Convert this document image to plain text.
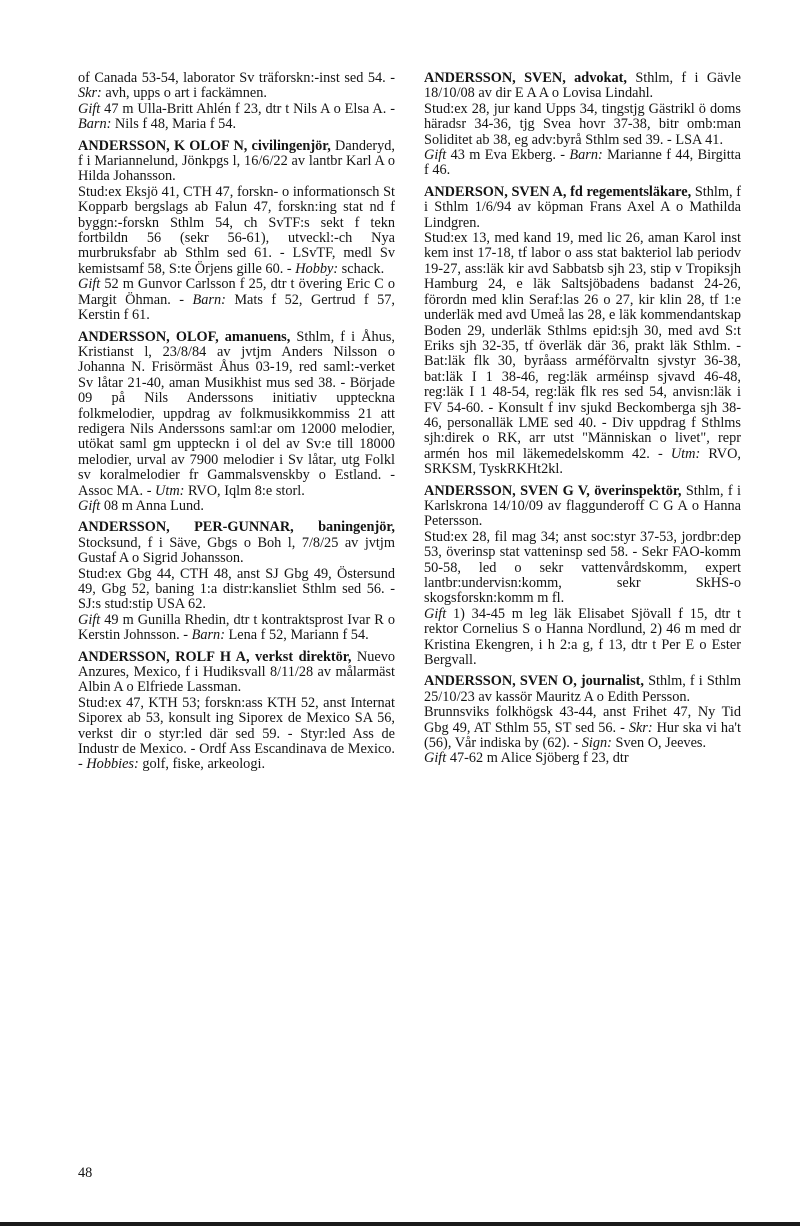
of Canada 53-54, laborator Sv träforskn:-inst sed 54. - Skr: avh, upps o art i fackämnen.

Gift 47 m Ulla-Britt Ahlén f 23, dtr t Nils A o Elsa A. - Barn: Nils f 48, Maria f 54.

ANDERSSON, K OLOF N, civilingenjör, Danderyd, f i Mariannelund, Jönkpgs l, 16/6/22 av lantbr Karl A o Hilda Johansson.

Stud:ex Eksjö 41, CTH 47, forskn- o informationsch St Kopparb bergslags ab Falun 47, forskn:ing stat nd f byggn:-forskn Sthlm 54, ch SvTF:s sekt f tekn fortbildn 56 (sekr 56-61), utveckl:-ch Nya murbruksfabr ab Sthlm sed 61. - LSvTF, medl Sv kemistsamf 58, S:te Örjens gille 60. - Hobby: schack.

Gift 52 m Gunvor Carlsson f 25, dtr t övering Eric C o Margit Öhman. - Barn: Mats f 52, Gertrud f 57, Kerstin f 61.

ANDERSSON, OLOF, amanuens, Sthlm, f i Åhus, Kristianst l, 23/8/84 av jvtjm Anders Nilsson o Johanna N. Frisörmäst Åhus 03-19, red saml:-verket Sv låtar 21-40, aman Musikhist mus sed 38. - Började 09 på Nils Anderssons initiativ uppteckna folkmelodier, uppdrag av folkmusikkommiss 21 att redigera Nils Anderssons saml:ar om 12000 melodier, utökat saml gm uppteckn i ol del av Sv:e till 18000 melodier, urval av 7900 melodier i Sv låtar, utg Folkl sv koralmelodier fr Gammalsvenskby o Estland. - Assoc MA. - Utm: RVO, Iqlm 8:e storl.

Gift 08 m Anna Lund.

ANDERSSON, PER-GUNNAR, baningenjör, Stocksund, f i Säve, Gbgs o Boh l, 7/8/25 av jvtjm Gustaf A o Sigrid Johansson.

Stud:ex Gbg 44, CTH 48, anst SJ Gbg 49, Östersund 49, Gbg 52, baning 1:a distr:kansliet Sthlm sed 56. - SJ:s stud:stip USA 62.

Gift 49 m Gunilla Rhedin, dtr t kontraktsprost Ivar R o Kerstin Johnsson. - Barn: Lena f 52, Mariann f 54.

ANDERSSON, ROLF H A, verkst direktör, Nuevo Anzures, Mexico, f i Hudiksvall 8/11/28 av målarmäst Albin A o Elfriede Lassman.

Stud:ex 47, KTH 53; forskn:ass KTH 52, anst Internat Siporex ab 53, konsult ing Siporex de Mexico SA 56, verkst dir o styr:led där sed 59. - Styr:led Ass de Industr de Mexico. - Ordf Ass Escandinava de Mexico. - Hobbies: golf, fiske, arkeologi.

ANDERSSON, SVEN, advokat, Sthlm, f i Gävle 18/10/08 av dir E A A o Lovisa Lindahl.

Stud:ex 28, jur kand Upps 34, tingstjg Gästrikl ö doms häradsr 34-36, tjg Svea hovr 37-38, bitr omb:man Soliditet ab 38, eg adv:byrå Sthlm sed 39. - LSA 41.

Gift 43 m Eva Ekberg. - Barn: Marianne f 44, Birgitta f 46.

ANDERSON, SVEN A, fd regementsläkare, Sthlm, f i Sthlm 1/6/94 av köpman Frans Axel A o Mathilda Lindgren.

Stud:ex 13, med kand 19, med lic 26, aman Karol inst kem inst 17-18, tf labor o ass stat bakteriol lab periodv 19-27, ass:läk kir avd Sabbatsb sjh 23, stip v Tropiksjh Hamburg 24, e läk Saltsjöbadens badanst 24-26, förordn med klin Seraf:las 26 o 27, kir klin 28, tf 1:e underläk med avd Umeå las 28, e läk kommendantskap Boden 29, underläk Sthlms epid:sjh 30, med avd S:t Eriks sjh 32-35, tf överläk där 36, prakt läk Sthlm. - Bat:läk flk 30, byråass arméförvaltn sjvstyr 36-38, bat:läk I 1 38-46, reg:läk arméinsp sjvavd 46-48, reg:läk I 1 48-54, reg:läk flk res sed 54, anvisn:läk i FV 54-60. - Konsult f inv sjukd Beckomberga sjh 38-46, personalläk LME sed 40. - Div uppdrag f Sthlms sjh:direk o RK, arr utst "Människan o livet", repr armén hos mil läkemedelskomm 42. - Utm: RVO, SRKSM, TyskRKHt2kl.

ANDERSSON, SVEN G V, överinspektör, Sthlm, f i Karlskrona 14/10/09 av flaggunderoff C G A o Hanna Petersson.

Stud:ex 28, fil mag 34; anst soc:styr 37-53, jordbr:dep 53, överinsp stat vatteninsp sed 58. - Sekr FAO-komm 50-58, led o sekr vattenvårdskomm, expert lantbr:undervisn:komm, sekr SkHS-o skogsforskn:komm m fl.

Gift 1) 34-45 m leg läk Elisabet Sjövall f 15, dtr t rektor Cornelius S o Hanna Nordlund, 2) 46 m med dr Kristina Ekengren, i h 2:a g, f 13, dtr t Per E o Ester Bergvall.

ANDERSSON, SVEN O, journalist, Sthlm, f i Sthlm 25/10/23 av kassör Mauritz A o Edith Persson.

Brunnsviks folkhögsk 43-44, anst Frihet 47, Ny Tid Gbg 49, AT Sthlm 55, ST sed 56. - Skr: Hur ska vi ha't (56), Vår indiska by (62). - Sign: Sven O, Jeeves.

Gift 47-62 m Alice Sjöberg f 23, dtr

48
